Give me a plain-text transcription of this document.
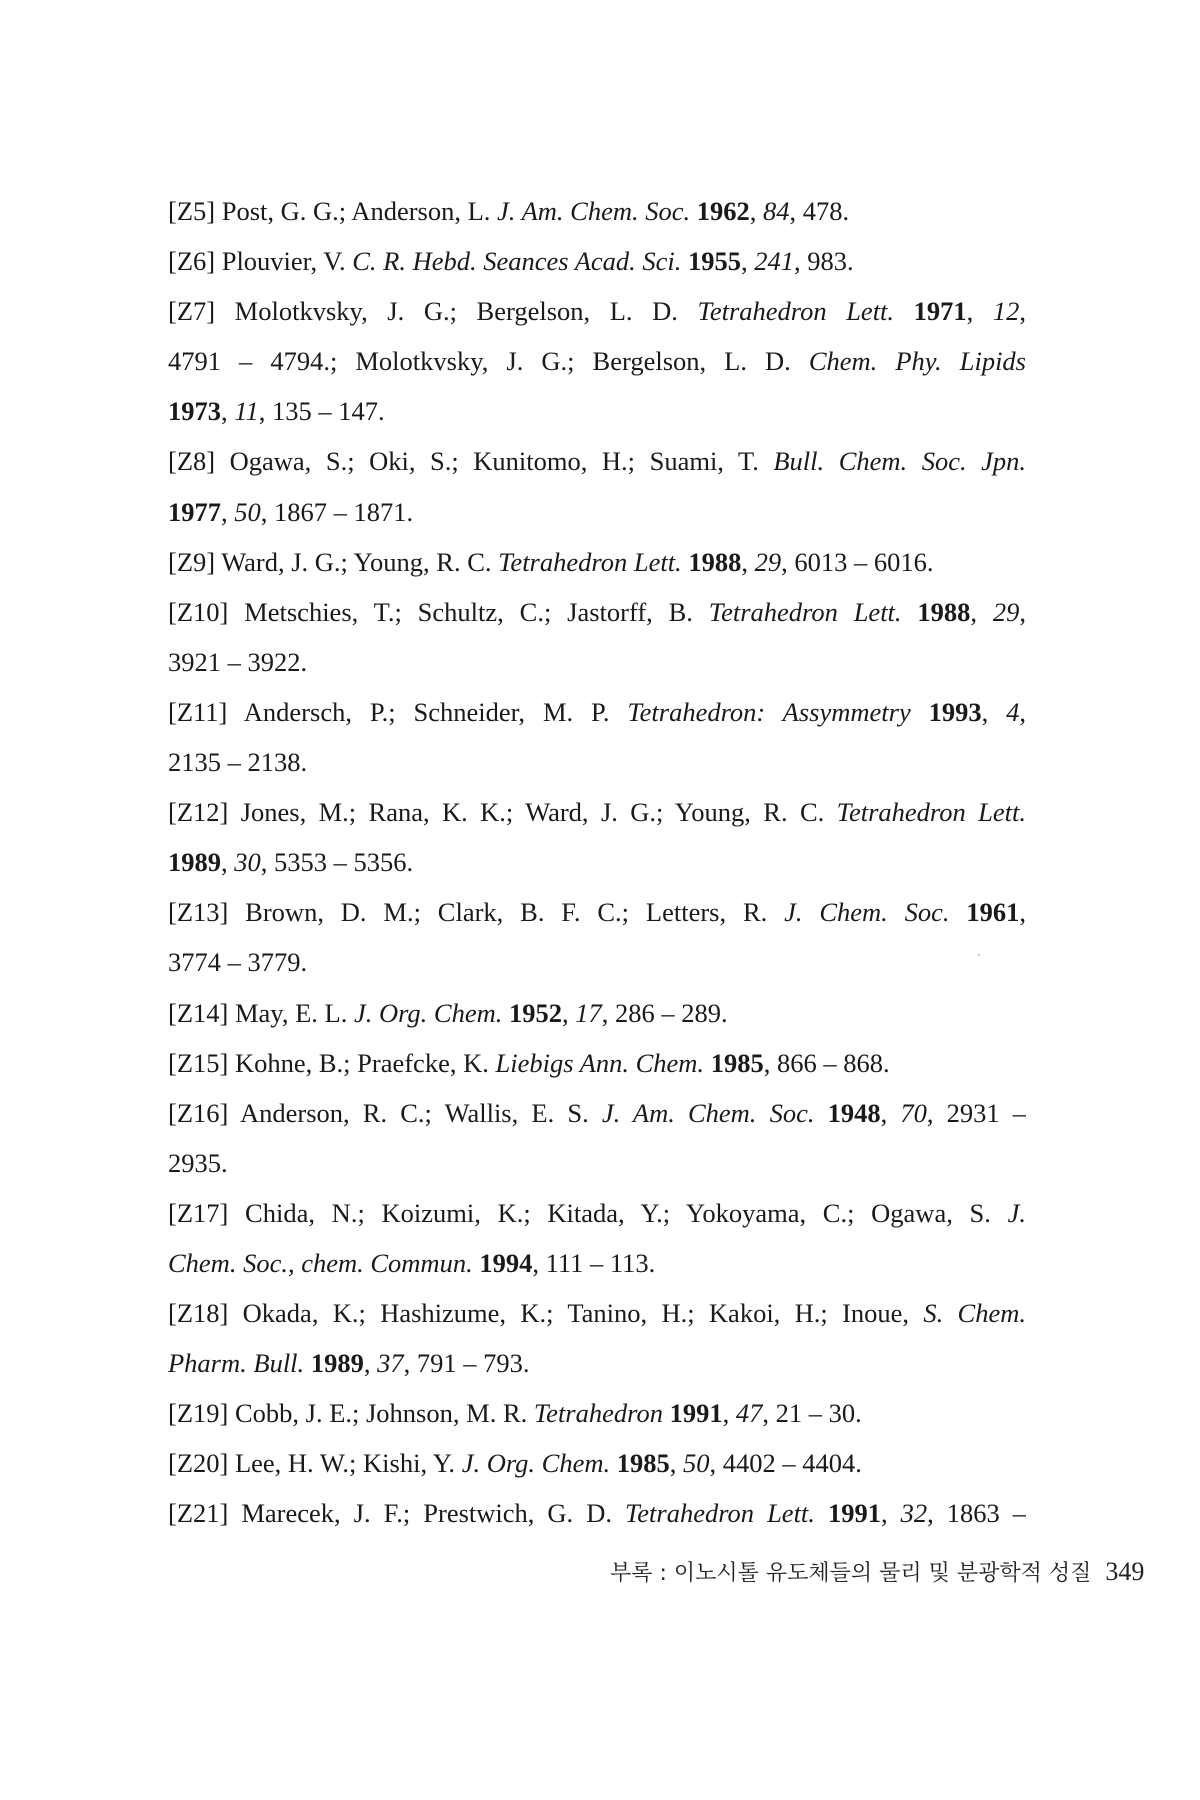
[Z5] Post, G. G.; Anderson, L. J. Am. Chem. Soc. 1962, 84, 478.
[Z6] Plouvier, V. C. R. Hebd. Seances Acad. Sci. 1955, 241, 983.
[Z7] Molotkvsky, J. G.; Bergelson, L. D. Tetrahedron Lett. 1971, 12,
4791 – 4794.; Molotkvsky, J. G.; Bergelson, L. D. Chem. Phy. Lipids
1973, 11, 135 – 147.
[Z8] Ogawa, S.; Oki, S.; Kunitomo, H.; Suami, T. Bull. Chem. Soc. Jpn.
1977, 50, 1867 – 1871.
[Z9] Ward, J. G.; Young, R. C. Tetrahedron Lett. 1988, 29, 6013 – 6016.
[Z10] Metschies, T.; Schultz, C.; Jastorff, B. Tetrahedron Lett. 1988, 29,
3921 – 3922.
[Z11] Andersch, P.; Schneider, M. P. Tetrahedron: Assymmetry 1993, 4,
2135 – 2138.
[Z12] Jones, M.; Rana, K. K.; Ward, J. G.; Young, R. C. Tetrahedron Lett.
1989, 30, 5353 – 5356.
[Z13] Brown, D. M.; Clark, B. F. C.; Letters, R. J. Chem. Soc. 1961,
3774 – 3779.
[Z14] May, E. L. J. Org. Chem. 1952, 17, 286 – 289.
[Z15] Kohne, B.; Praefcke, K. Liebigs Ann. Chem. 1985, 866 – 868.
[Z16] Anderson, R. C.; Wallis, E. S. J. Am. Chem. Soc. 1948, 70, 2931 –
2935.
[Z17] Chida, N.; Koizumi, K.; Kitada, Y.; Yokoyama, C.; Ogawa, S. J.
Chem. Soc., chem. Commun. 1994, 111 – 113.
[Z18] Okada, K.; Hashizume, K.; Tanino, H.; Kakoi, H.; Inoue, S. Chem.
Pharm. Bull. 1989, 37, 791 – 793.
[Z19] Cobb, J. E.; Johnson, M. R. Tetrahedron 1991, 47, 21 – 30.
[Z20] Lee, H. W.; Kishi, Y. J. Org. Chem. 1985, 50, 4402 – 4404.
[Z21] Marecek, J. F.; Prestwich, G. D. Tetrahedron Lett. 1991, 32, 1863 –
부록 : 이노시톨 유도체들의 물리 및 분광학적 성질 349
